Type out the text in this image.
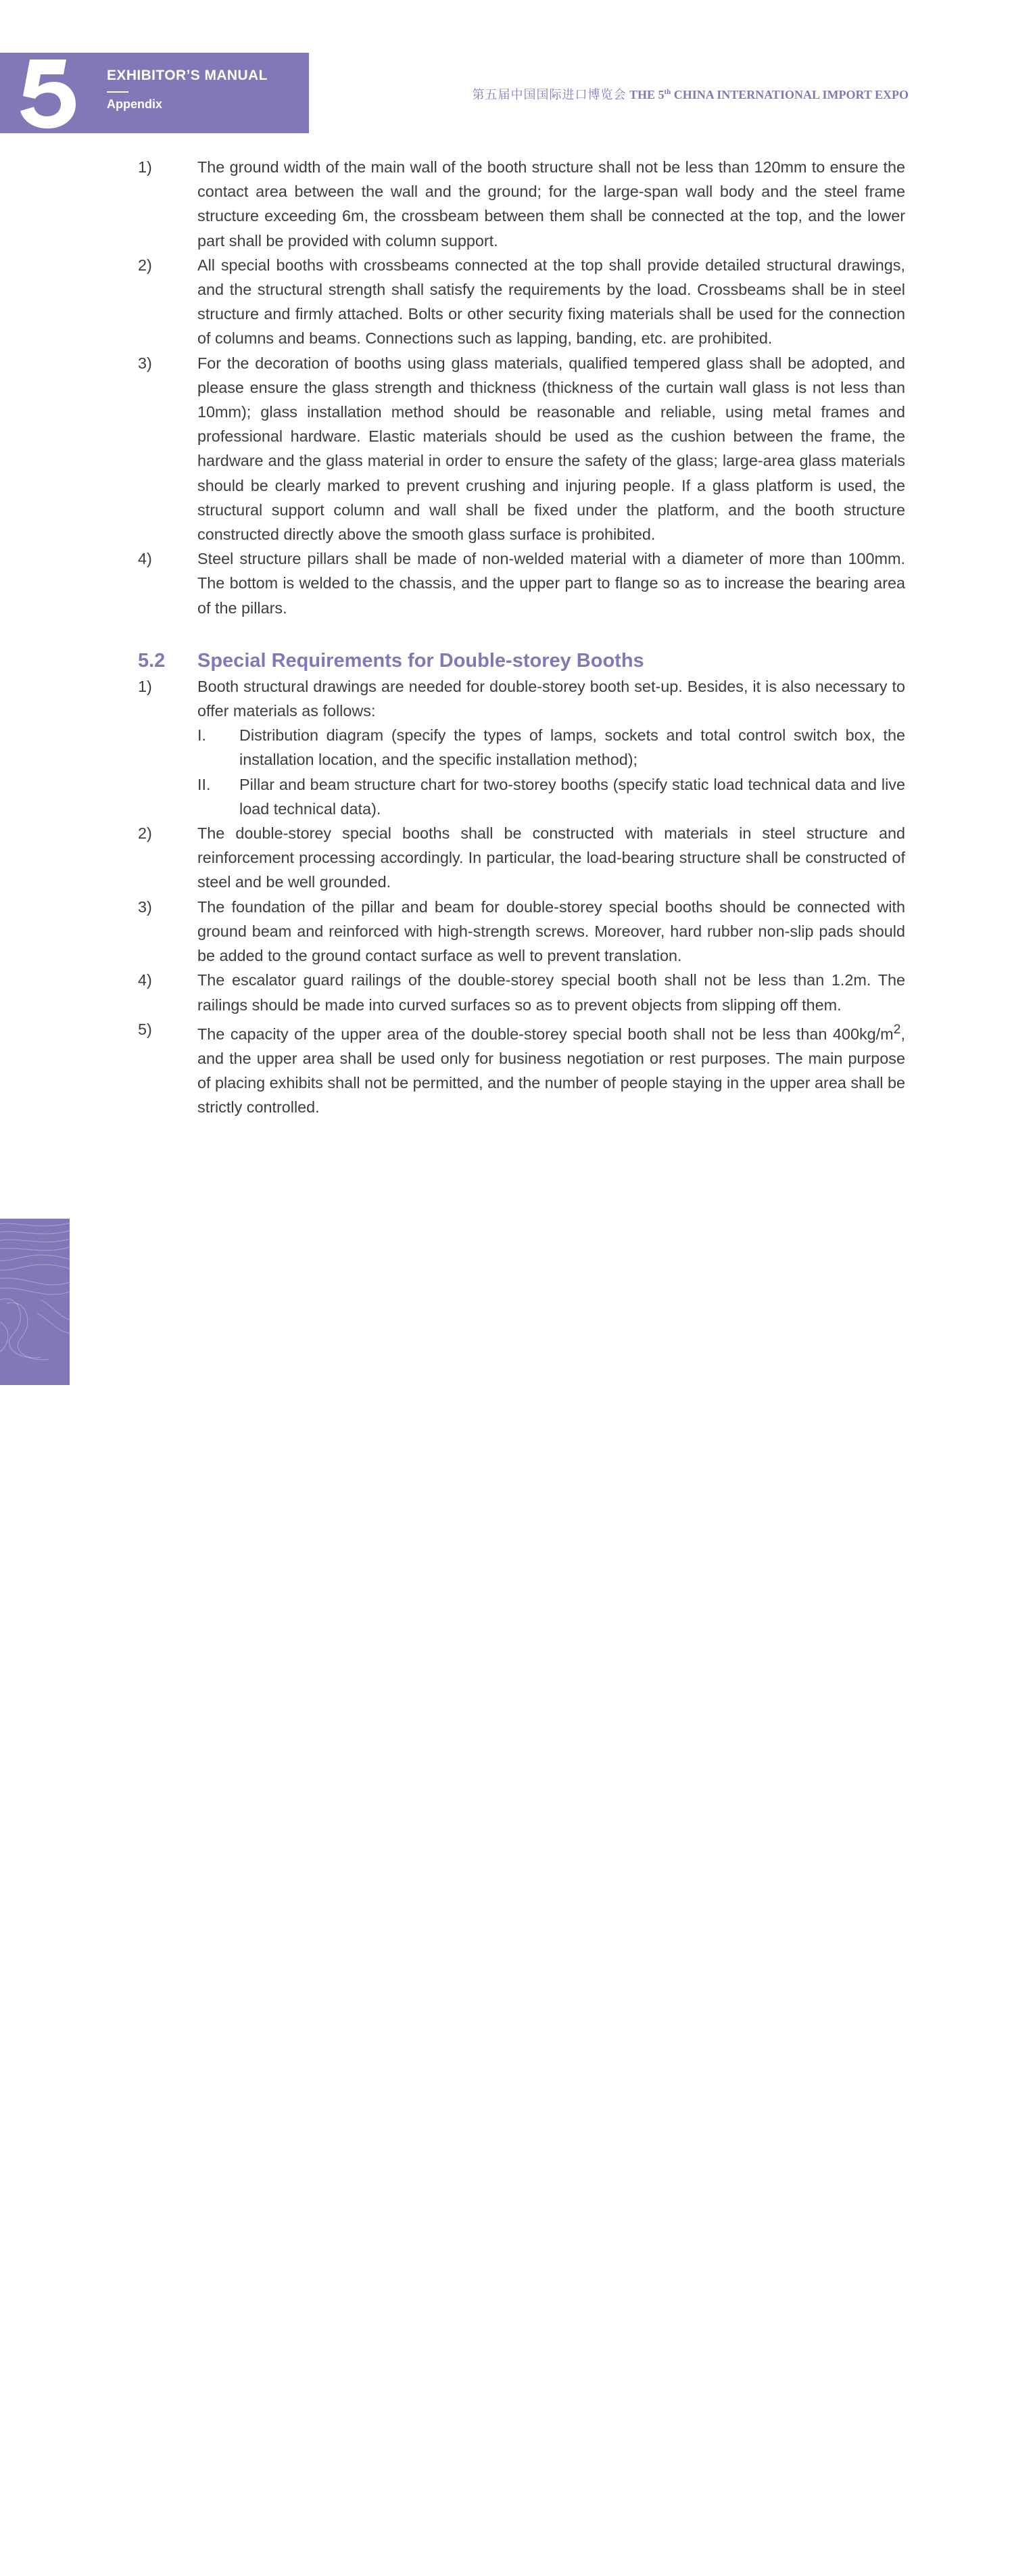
EXHIBITOR’S MANUAL
Appendix
第五届中国国际进口博览会 THE 5th CHINA INTERNATIONAL IMPORT EXPO
1)	The ground width of the main wall of the booth structure shall not be less than 120mm to ensure the contact area between the wall and the ground; for the large-span wall body and the steel frame structure exceeding 6m, the crossbeam between them shall be connected at the top, and the lower part shall be provided with column support.
2)	All special booths with crossbeams connected at the top shall provide detailed structural drawings, and the structural strength shall satisfy the requirements by the load. Crossbeams shall be in steel structure and firmly attached. Bolts or other security fixing materials shall be used for the connection of columns and beams. Connections such as lapping, banding, etc. are prohibited.
3)	For the decoration of booths using glass materials, qualified tempered glass shall be adopted, and please ensure the glass strength and thickness (thickness of the curtain wall glass is not less than 10mm); glass installation method should be reasonable and reliable, using metal frames and professional hardware. Elastic materials should be used as the cushion between the frame, the hardware and the glass material in order to ensure the safety of the glass; large-area glass materials should be clearly marked to prevent crushing and injuring people. If a glass platform is used, the structural support column and wall shall be fixed under the platform, and the booth structure constructed directly above the smooth glass surface is prohibited.
4)	Steel structure pillars shall be made of non-welded material with a diameter of more than 100mm. The bottom is welded to the chassis, and the upper part to flange so as to increase the bearing area of the pillars.
5.2 Special Requirements for Double-storey Booths
1)	Booth structural drawings are needed for double-storey booth set-up. Besides, it is also necessary to offer materials as follows:
I. Distribution diagram (specify the types of lamps, sockets and total control switch box, the installation location, and the specific installation method);
II. Pillar and beam structure chart for two-storey booths (specify static load technical data and live load technical data).
2)	The double-storey special booths shall be constructed with materials in steel structure and reinforcement processing accordingly. In particular, the load-bearing structure shall be constructed of steel and be well grounded.
3)	The foundation of the pillar and beam for double-storey special booths should be connected with ground beam and reinforced with high-strength screws. Moreover, hard rubber non-slip pads should be added to the ground contact surface as well to prevent translation.
4)	The escalator guard railings of the double-storey special booth shall not be less than 1.2m. The railings should be made into curved surfaces so as to prevent objects from slipping off them.
5)	The capacity of the upper area of the double-storey special booth shall not be less than $400kg/m^2$, and the upper area shall be used only for business negotiation or rest purposes. The main purpose of placing exhibits shall not be permitted, and the number of people staying in the upper area shall be strictly controlled.
100
